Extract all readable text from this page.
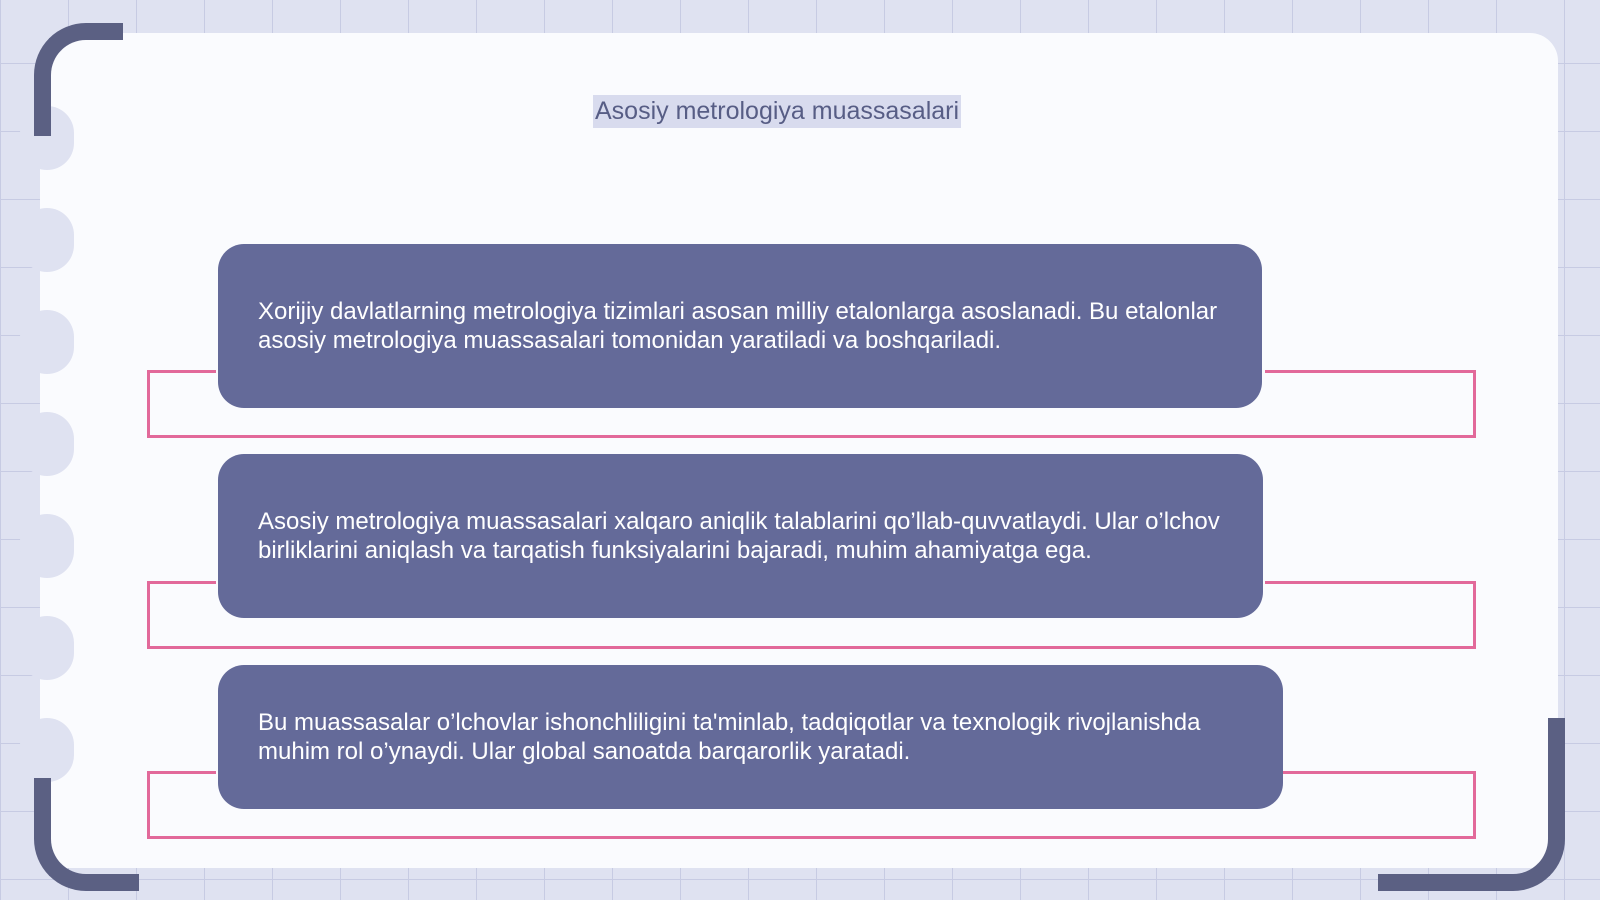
Asosiy metrologiya muassasalari

Xorijiy davlatlarning metrologiya tizimlari asosan milliy etalonlarga asoslanadi. Bu etalonlar asosiy metrologiya muassasalari tomonidan yaratiladi va boshqariladi.

Asosiy metrologiya muassasalari xalqaro aniqlik talablarini qo’llab-quvvatlaydi. Ular o’lchov birliklarini aniqlash va tarqatish funksiyalarini bajaradi, muhim ahamiyatga ega.

Bu muassasalar o’lchovlar ishonchliligini ta'minlab, tadqiqotlar va texnologik rivojlanishda muhim rol o’ynaydi. Ular global sanoatda barqarorlik yaratadi.
